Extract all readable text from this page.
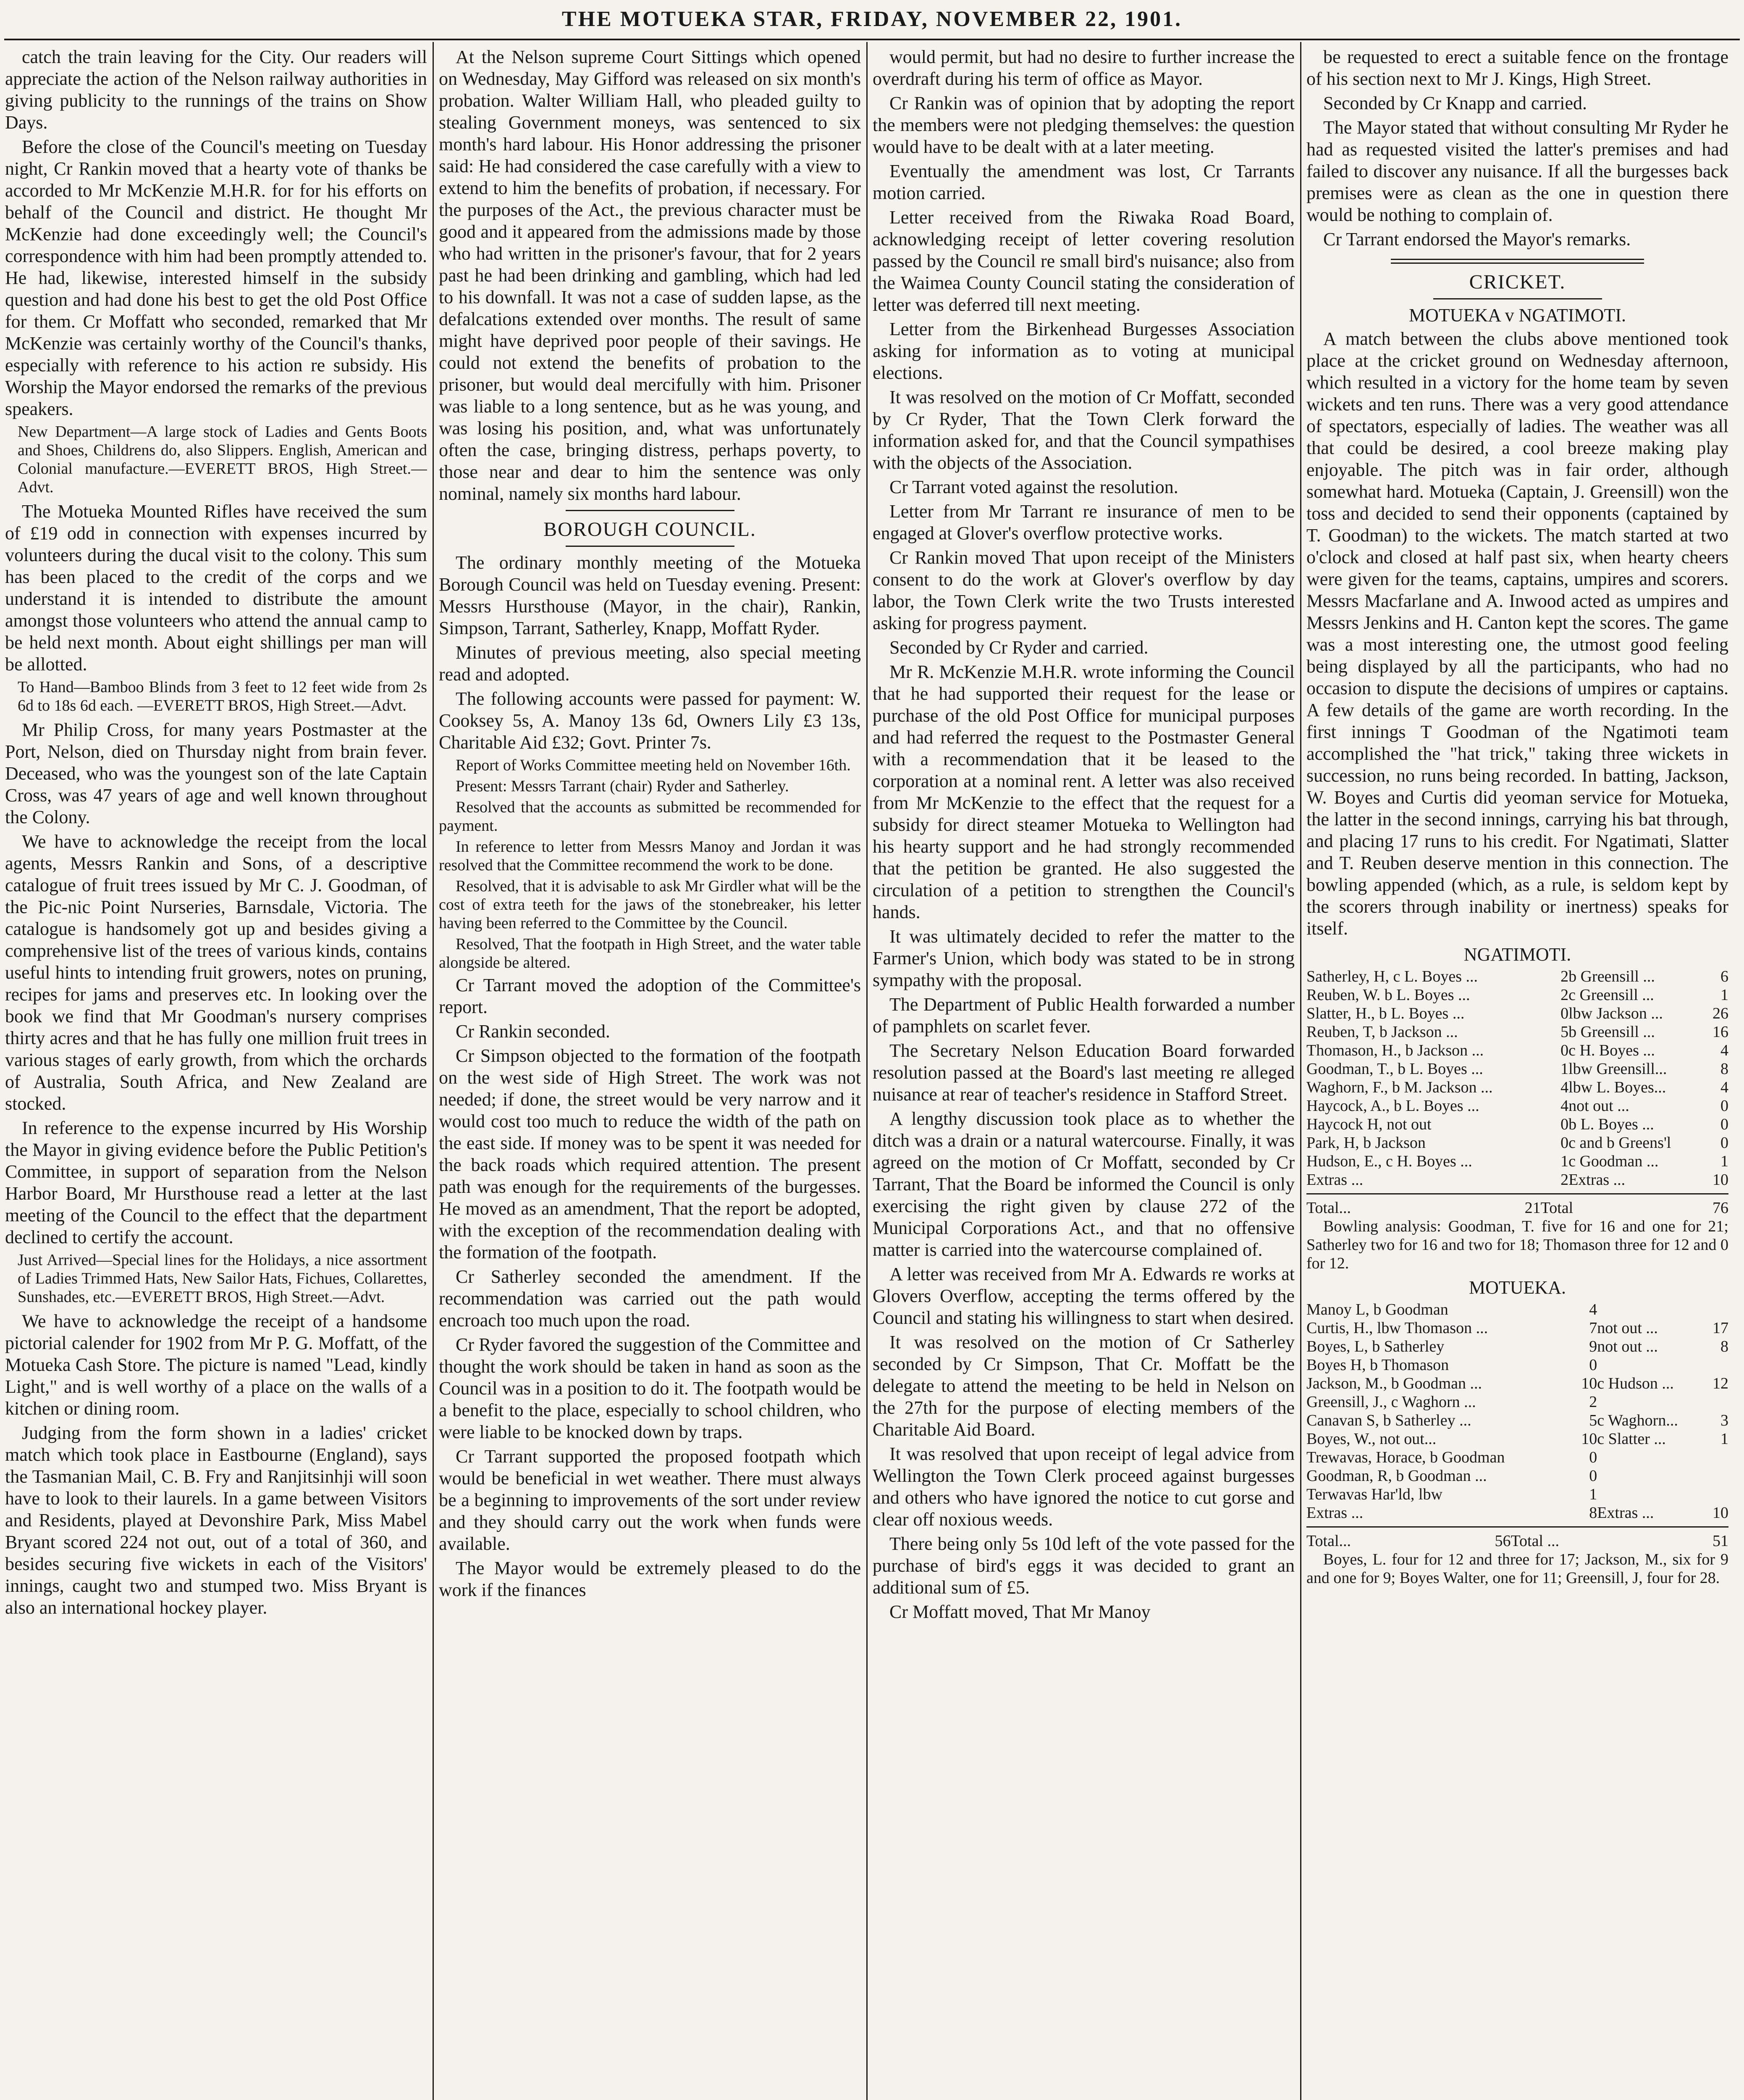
THE MOTUEKA STAR, FRIDAY, NOVEMBER 22, 1901.

catch the train leaving for the City. Our readers will appreciate the action of the Nelson railway authorities in giving publicity to the runnings of the trains on Show Days.

Before the close of the Council's meeting on Tuesday night, Cr Rankin moved that a hearty vote of thanks be accorded to Mr McKenzie M.H.R. for for his efforts on behalf of the Council and district. He thought Mr McKenzie had done exceedingly well; the Council's correspondence with him had been promptly attended to. He had, likewise, interested himself in the subsidy question and had done his best to get the old Post Office for them. Cr Moffatt who seconded, remarked that Mr McKenzie was certainly worthy of the Council's thanks, especially with reference to his action re subsidy. His Worship the Mayor endorsed the remarks of the previous speakers.

New Department—A large stock of Ladies and Gents Boots and Shoes, Childrens do, also Slippers. English, American and Colonial manufacture.—EVERETT BROS, High Street.—Advt.

The Motueka Mounted Rifles have received the sum of £19 odd in connection with expenses incurred by volunteers during the ducal visit to the colony. This sum has been placed to the credit of the corps and we understand it is intended to distribute the amount amongst those volunteers who attend the annual camp to be held next month. About eight shillings per man will be allotted.

To Hand—Bamboo Blinds from 3 feet to 12 feet wide from 2s 6d to 18s 6d each. —EVERETT BROS, High Street.—Advt.

Mr Philip Cross, for many years Postmaster at the Port, Nelson, died on Thursday night from brain fever. Deceased, who was the youngest son of the late Captain Cross, was 47 years of age and well known throughout the Colony.

We have to acknowledge the receipt from the local agents, Messrs Rankin and Sons, of a descriptive catalogue of fruit trees issued by Mr C. J. Goodman, of the Pic-nic Point Nurseries, Barnsdale, Victoria. The catalogue is handsomely got up and besides giving a comprehensive list of the trees of various kinds, contains useful hints to intending fruit growers, notes on pruning, recipes for jams and preserves etc. In looking over the book we find that Mr Goodman's nursery comprises thirty acres and that he has fully one million fruit trees in various stages of early growth, from which the orchards of Australia, South Africa, and New Zealand are stocked.

In reference to the expense incurred by His Worship the Mayor in giving evidence before the Public Petition's Committee, in support of separation from the Nelson Harbor Board, Mr Hursthouse read a letter at the last meeting of the Council to the effect that the department declined to certify the account.

Just Arrived—Special lines for the Holidays, a nice assortment of Ladies Trimmed Hats, New Sailor Hats, Fichues, Collarettes, Sunshades, etc.—EVERETT BROS, High Street.—Advt.

We have to acknowledge the receipt of a handsome pictorial calender for 1902 from Mr P. G. Moffatt, of the Motueka Cash Store. The picture is named "Lead, kindly Light," and is well worthy of a place on the walls of a kitchen or dining room.

Judging from the form shown in a ladies' cricket match which took place in Eastbourne (England), says the Tasmanian Mail, C. B. Fry and Ranjitsinhji will soon have to look to their laurels. In a game between Visitors and Residents, played at Devonshire Park, Miss Mabel Bryant scored 224 not out, out of a total of 360, and besides securing five wickets in each of the Visitors' innings, caught two and stumped two. Miss Bryant is also an international hockey player.

At the Nelson supreme Court Sittings which opened on Wednesday, May Gifford was released on six month's probation. Walter William Hall, who pleaded guilty to stealing Government moneys, was sentenced to six month's hard labour. His Honor addressing the prisoner said: He had considered the case carefully with a view to extend to him the benefits of probation, if necessary. For the purposes of the Act., the previous character must be good and it appeared from the admissions made by those who had written in the prisoner's favour, that for 2 years past he had been drinking and gambling, which had led to his downfall. It was not a case of sudden lapse, as the defalcations extended over months. The result of same might have deprived poor people of their savings. He could not extend the benefits of probation to the prisoner, but would deal mercifully with him. Prisoner was liable to a long sentence, but as he was young, and was losing his position, and, what was unfortunately often the case, bringing distress, perhaps poverty, to those near and dear to him the sentence was only nominal, namely six months hard labour.

BOROUGH COUNCIL.

The ordinary monthly meeting of the Motueka Borough Council was held on Tuesday evening. Present: Messrs Hursthouse (Mayor, in the chair), Rankin, Simpson, Tarrant, Satherley, Knapp, Moffatt Ryder.

Minutes of previous meeting, also special meeting read and adopted.

The following accounts were passed for payment: W. Cooksey 5s, A. Manoy 13s 6d, Owners Lily £3 13s, Charitable Aid £32; Govt. Printer 7s.

Report of Works Committee meeting held on November 16th.

Present: Messrs Tarrant (chair) Ryder and Satherley.

Resolved that the accounts as submitted be recommended for payment.

In reference to letter from Messrs Manoy and Jordan it was resolved that the Committee recommend the work to be done.

Resolved, that it is advisable to ask Mr Girdler what will be the cost of extra teeth for the jaws of the stonebreaker, his letter having been referred to the Committee by the Council.

Resolved, That the footpath in High Street, and the water table alongside be altered.

Cr Tarrant moved the adoption of the Committee's report.

Cr Rankin seconded.

Cr Simpson objected to the formation of the footpath on the west side of High Street. The work was not needed; if done, the street would be very narrow and it would cost too much to reduce the width of the path on the east side. If money was to be spent it was needed for the back roads which required attention. The present path was enough for the requirements of the burgesses. He moved as an amendment, That the report be adopted, with the exception of the recommendation dealing with the formation of the footpath.

Cr Satherley seconded the amendment. If the recommendation was carried out the path would encroach too much upon the road.

Cr Ryder favored the suggestion of the Committee and thought the work should be taken in hand as soon as the Council was in a position to do it. The footpath would be a benefit to the place, especially to school children, who were liable to be knocked down by traps.

Cr Tarrant supported the proposed footpath which would be beneficial in wet weather. There must always be a beginning to improvements of the sort under review and they should carry out the work when funds were available.

The Mayor would be extremely pleased to do the work if the finances

would permit, but had no desire to further increase the overdraft during his term of office as Mayor.

Cr Rankin was of opinion that by adopting the report the members were not pledging themselves: the question would have to be dealt with at a later meeting.

Eventually the amendment was lost, Cr Tarrants motion carried.

Letter received from the Riwaka Road Board, acknowledging receipt of letter covering resolution passed by the Council re small bird's nuisance; also from the Waimea County Council stating the consideration of letter was deferred till next meeting.

Letter from the Birkenhead Burgesses Association asking for information as to voting at municipal elections.

It was resolved on the motion of Cr Moffatt, seconded by Cr Ryder, That the Town Clerk forward the information asked for, and that the Council sympathises with the objects of the Association.

Cr Tarrant voted against the resolution.

Letter from Mr Tarrant re insurance of men to be engaged at Glover's overflow protective works.

Cr Rankin moved That upon receipt of the Ministers consent to do the work at Glover's overflow by day labor, the Town Clerk write the two Trusts interested asking for progress payment.

Seconded by Cr Ryder and carried.

Mr R. McKenzie M.H.R. wrote informing the Council that he had supported their request for the lease or purchase of the old Post Office for municipal purposes and had referred the request to the Postmaster General with a recommendation that it be leased to the corporation at a nominal rent. A letter was also received from Mr McKenzie to the effect that the request for a subsidy for direct steamer Motueka to Wellington had his hearty support and he had strongly recommended that the petition be granted. He also suggested the circulation of a petition to strengthen the Council's hands.

It was ultimately decided to refer the matter to the Farmer's Union, which body was stated to be in strong sympathy with the proposal.

The Department of Public Health forwarded a number of pamphlets on scarlet fever.

The Secretary Nelson Education Board forwarded resolution passed at the Board's last meeting re alleged nuisance at rear of teacher's residence in Stafford Street.

A lengthy discussion took place as to whether the ditch was a drain or a natural watercourse. Finally, it was agreed on the motion of Cr Moffatt, seconded by Cr Tarrant, That the Board be informed the Council is only exercising the right given by clause 272 of the Municipal Corporations Act., and that no offensive matter is carried into the watercourse complained of.

A letter was received from Mr A. Edwards re works at Glovers Overflow, accepting the terms offered by the Council and stating his willingness to start when desired.

It was resolved on the motion of Cr Satherley seconded by Cr Simpson, That Cr. Moffatt be the delegate to attend the meeting to be held in Nelson on the 27th for the purpose of electing members of the Charitable Aid Board.

It was resolved that upon receipt of legal advice from Wellington the Town Clerk proceed against burgesses and others who have ignored the notice to cut gorse and clear off noxious weeds.

There being only 5s 10d left of the vote passed for the purchase of bird's eggs it was decided to grant an additional sum of £5.

Cr Moffatt moved, That Mr Manoy

be requested to erect a suitable fence on the frontage of his section next to Mr J. Kings, High Street.

Seconded by Cr Knapp and carried.

The Mayor stated that without consulting Mr Ryder he had as requested visited the latter's premises and had failed to discover any nuisance. If all the burgesses back premises were as clean as the one in question there would be nothing to complain of.

Cr Tarrant endorsed the Mayor's remarks.

CRICKET.
MOTUEKA v NGATIMOTI.

A match between the clubs above mentioned took place at the cricket ground on Wednesday afternoon, which resulted in a victory for the home team by seven wickets and ten runs. There was a very good attendance of spectators, especially of ladies. The weather was all that could be desired, a cool breeze making play enjoyable. The pitch was in fair order, although somewhat hard. Motueka (Captain, J. Greensill) won the toss and decided to send their opponents (captained by T. Goodman) to the wickets. The match started at two o'clock and closed at half past six, when hearty cheers were given for the teams, captains, umpires and scorers. Messrs Macfarlane and A. Inwood acted as umpires and Messrs Jenkins and H. Canton kept the scores. The game was a most interesting one, the utmost good feeling being displayed by all the participants, who had no occasion to dispute the decisions of umpires or captains. A few details of the game are worth recording. In the first innings T Goodman of the Ngatimoti team accomplished the "hat trick," taking three wickets in succession, no runs being recorded. In batting, Jackson, W. Boyes and Curtis did yeoman service for Motueka, the latter in the second innings, carrying his bat through, and placing 17 runs to his credit. For Ngatimati, Slatter and T. Reuben deserve mention in this connection. The bowling appended (which, as a rule, is seldom kept by the scorers through inability or inertness) speaks for itself.

NGATIMOTI.
Satherley, H, c L. Boyes ...	2	b Greensill ...	6
Reuben, W. b L. Boyes ...	2	c Greensill ...	1
Slatter, H., b L. Boyes ...	0	lbw Jackson ...	26
Reuben, T, b Jackson ...	5	b Greensill ...	16
Thomason, H., b Jackson ...	0	c H. Boyes ...	4
Goodman, T., b L. Boyes ...	1	lbw Greensill...	8
Waghorn, F., b M. Jackson ...	4	lbw L. Boyes...	4
Haycock, A., b L. Boyes ...	4	not out ...	0
Haycock H, not out	0	b L. Boyes ...	0
Park, H, b Jackson	0	c and b Greens'l	0
Hudson, E., c H. Boyes ...	1	c Goodman ...	1
Extras ...	2	Extras ...	10
Total...	21	Total	76

Bowling analysis: Goodman, T. five for 16 and one for 21; Satherley two for 16 and two for 18; Thomason three for 12 and 0 for 12.

MOTUEKA.
Manoy L, b Goodman	4		
Curtis, H., lbw Thomason ...	7	not out ...	17
Boyes, L, b Satherley	9	not out ...	8
Boyes H, b Thomason	0		
Jackson, M., b Goodman ...	10	c Hudson ...	12
Greensill, J., c Waghorn ...	2		
Canavan S, b Satherley ...	5	c Waghorn...	3
Boyes, W., not out...	10	c Slatter ...	1
Trewavas, Horace, b Goodman	0		
Goodman, R, b Goodman ...	0		
Terwavas Har'ld, lbw	1		
Extras ...	8	Extras ...	10
Total...	56	Total ...	51

Boyes, L. four for 12 and three for 17; Jackson, M., six for 9 and one for 9; Boyes Walter, one for 11; Greensill, J, four for 28.
